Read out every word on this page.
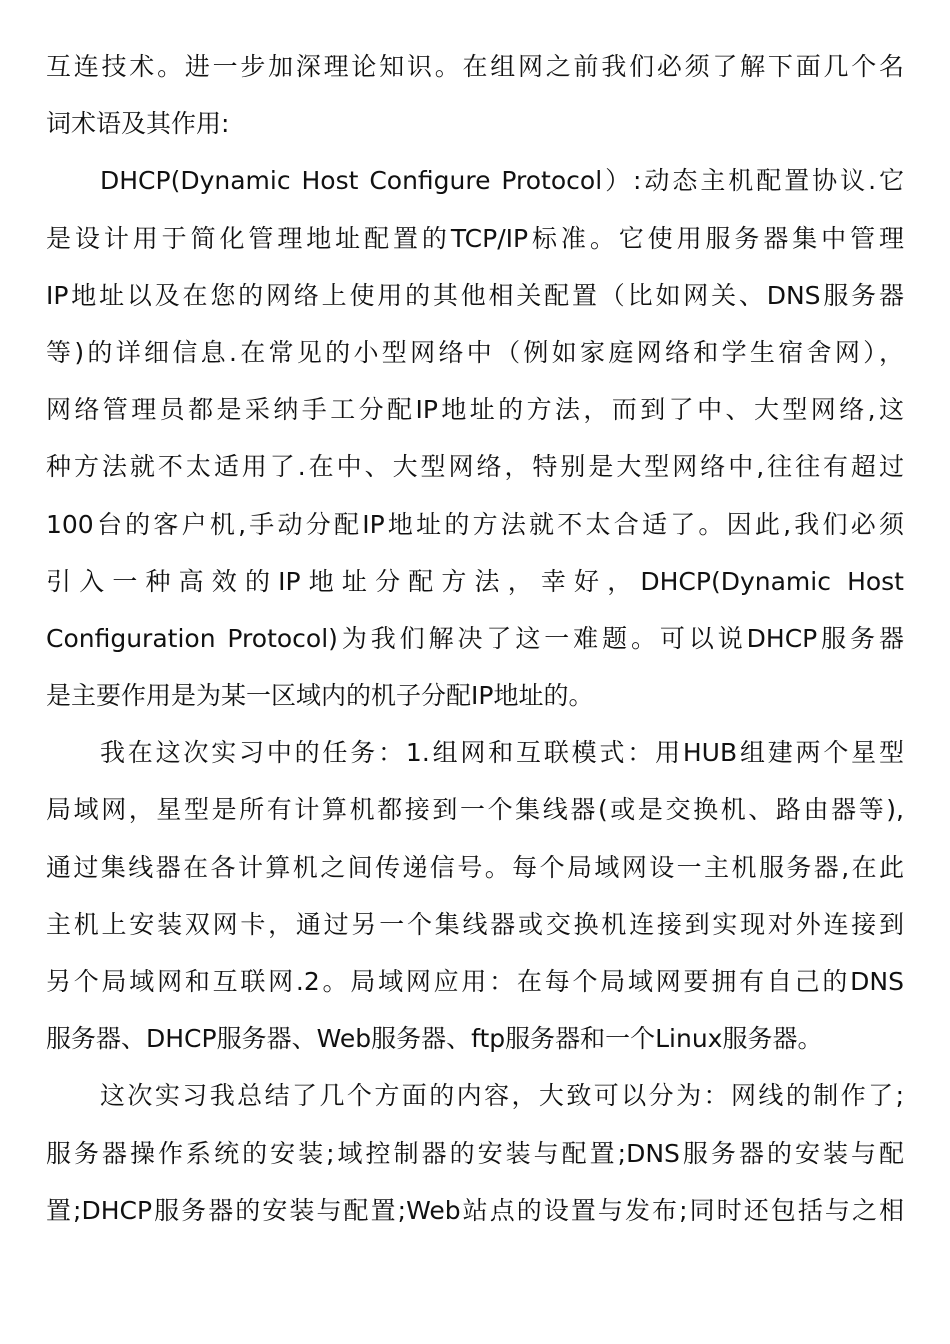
互连技术。进一步加深理论知识。在组网之前我们必须了解下面几个名
词术语及其作用:
DHCP(Dynamic Host Configure Protocol）:动态主机配置协议.它
是设计用于简化管理地址配置的TCP/IP标准。它使用服务器集中管理
IP地址以及在您的网络上使用的其他相关配置（比如网关、DNS服务器
等)的详细信息.在常见的小型网络中（例如家庭网络和学生宿舍网），
网络管理员都是采纳手工分配IP地址的方法，而到了中、大型网络,这
种方法就不太适用了.在中、大型网络，特别是大型网络中,往往有超过
100台的客户机,手动分配IP地址的方法就不太合适了。因此,我们必须
引入一种高效的IP地址分配方法，幸好，DHCP(Dynamic Host
Configuration Protocol)为我们解决了这一难题。可以说DHCP服务器
是主要作用是为某一区域内的机子分配IP地址的。
我在这次实习中的任务：1.组网和互联模式：用HUB组建两个星型
局域网，星型是所有计算机都接到一个集线器(或是交换机、路由器等),
通过集线器在各计算机之间传递信号。每个局域网设一主机服务器,在此
主机上安装双网卡，通过另一个集线器或交换机连接到实现对外连接到
另个局域网和互联网.2。局域网应用：在每个局域网要拥有自己的DNS
服务器、DHCP服务器、Web服务器、ftp服务器和一个Linux服务器。
这次实习我总结了几个方面的内容，大致可以分为：网线的制作了;
服务器操作系统的安装;域控制器的安装与配置;DNS服务器的安装与配
置;DHCP服务器的安装与配置;Web站点的设置与发布;同时还包括与之相
